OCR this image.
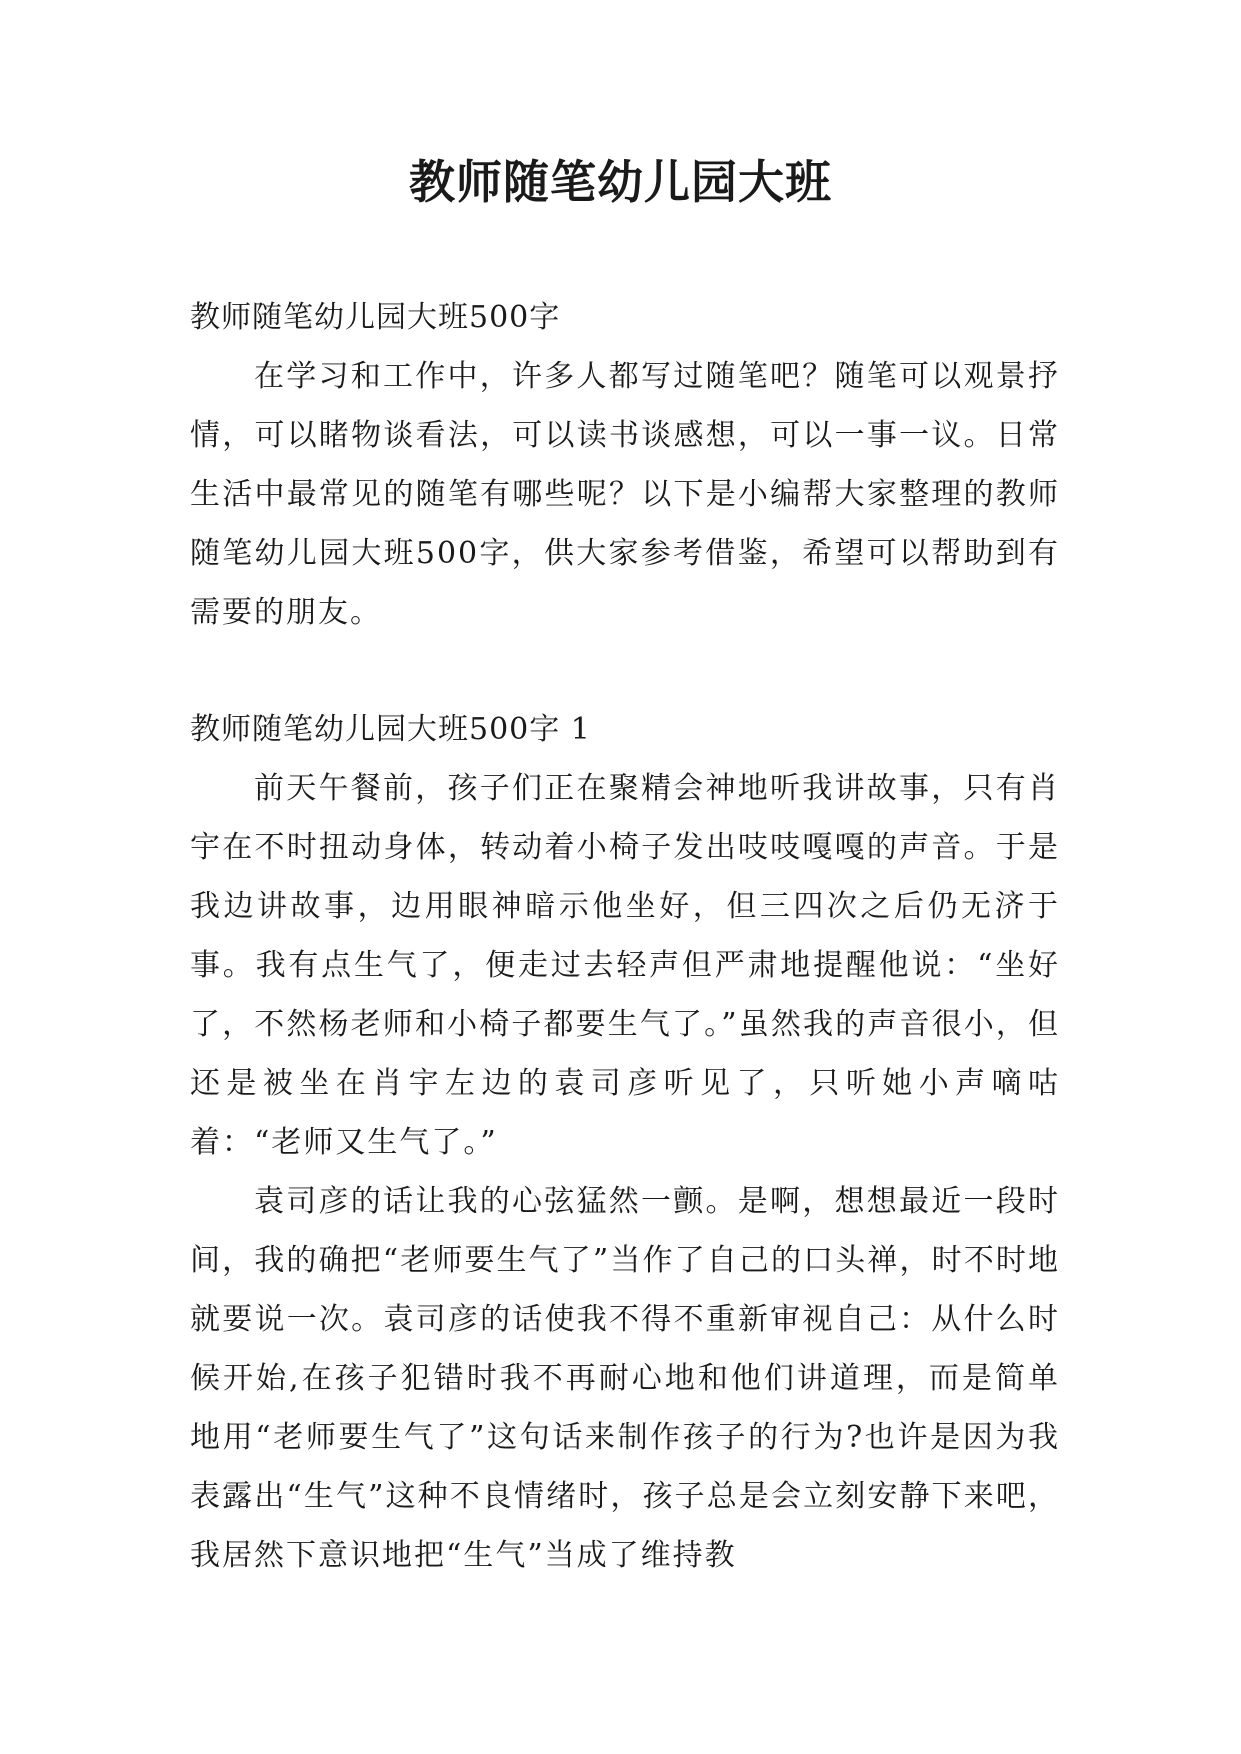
教师随笔幼儿园大班

教师随笔幼儿园大班500字

在学习和工作中，许多人都写过随笔吧？随笔可以观景抒情，可以睹物谈看法，可以读书谈感想，可以一事一议。日常生活中最常见的随笔有哪些呢？以下是小编帮大家整理的教师随笔幼儿园大班500字，供大家参考借鉴，希望可以帮助到有需要的朋友。

教师随笔幼儿园大班500字 1

前天午餐前，孩子们正在聚精会神地听我讲故事，只有肖宇在不时扭动身体，转动着小椅子发出吱吱嘎嘎的声音。于是我边讲故事，边用眼神暗示他坐好，但三四次之后仍无济于事。我有点生气了，便走过去轻声但严肃地提醒他说：“坐好了，不然杨老师和小椅子都要生气了。”虽然我的声音很小，但还是被坐在肖宇左边的袁司彦听见了，只听她小声嘀咕着：“老师又生气了。”

袁司彦的话让我的心弦猛然一颤。是啊，想想最近一段时间，我的确把“老师要生气了”当作了自己的口头禅，时不时地就要说一次。袁司彦的话使我不得不重新审视自己：从什么时候开始,在孩子犯错时我不再耐心地和他们讲道理，而是简单地用“老师要生气了”这句话来制作孩子的行为?也许是因为我表露出“生气”这种不良情绪时，孩子总是会立刻安静下来吧，我居然下意识地把“生气”当成了维持教
